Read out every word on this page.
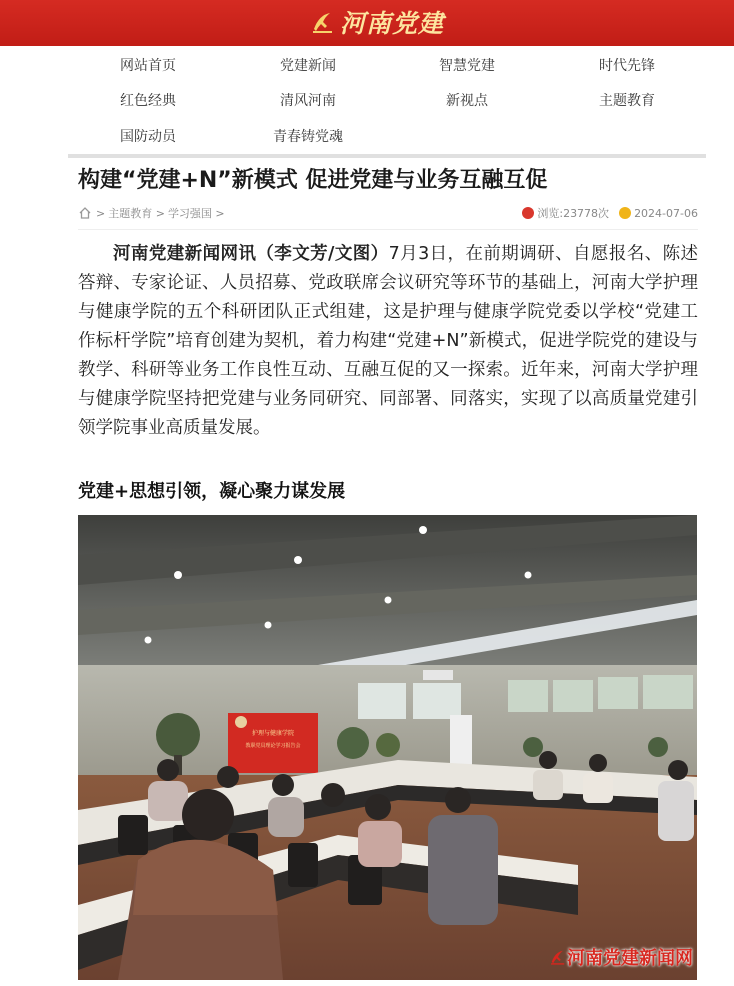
河南党建
网站首页	党建新闻	智慧党建	时代先锋
红色经典	清风河南	新视点	主题教育
国防动员	青春铸党魂
构建“党建+N”新模式 促进党建与业务互融互促
> 主题教育 > 学习强国 >	浏览:23778次 2024-07-06

河南党建新闻网讯（李文芳/文图）7月3日，在前期调研、自愿报名、陈述答辩、专家论证、人员招募、党政联席会议研究等环节的基础上，河南大学护理与健康学院的五个科研团队正式组建，这是护理与健康学院党委以学校“党建工作标杆学院”培育创建为契机，着力构建“党建+N”新模式，促进学院党的建设与教学、科研等业务工作良性互动、互融互促的又一探索。近年来，河南大学护理与健康学院坚持把党建与业务同研究、同部署、同落实，实现了以高质量党建引领学院事业高质量发展。

党建+思想引领，凝心聚力谋发展
护理与健康学院
教职党员理论学习报告会
河南党建新闻网
